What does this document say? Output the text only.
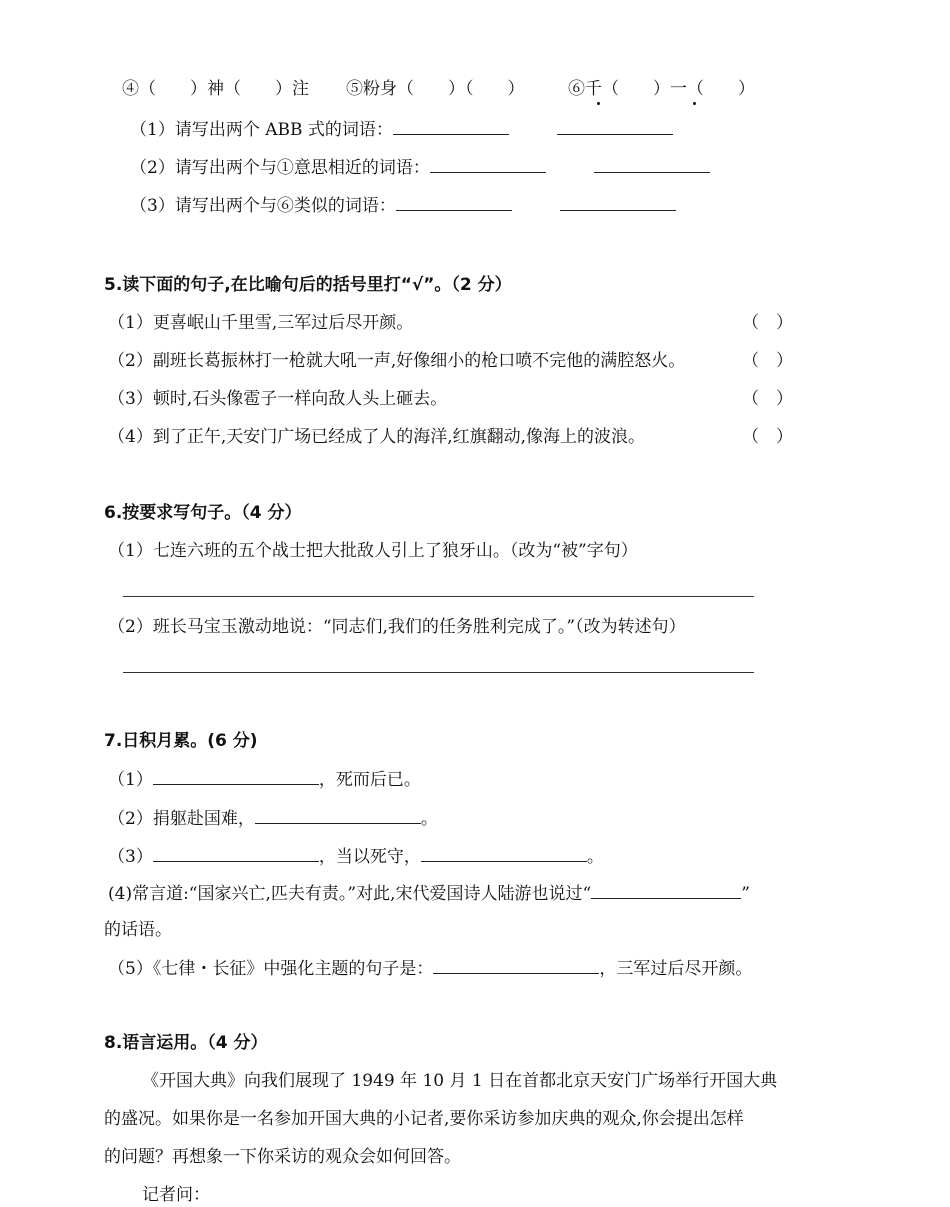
④（　　）神（　　）注 ⑤粉身（　　）（　　）	⑥千（　　）一（　　）
（1）请写出两个 ABB 式的词语：
（2）请写出两个与①意思相近的词语：
（3）请写出两个与⑥类似的词语：
5.读下面的句子,在比喻句后的括号里打“√”。（2 分）
（1）更喜岷山千里雪,三军过后尽开颜。	（　）
（2）副班长葛振林打一枪就大吼一声,好像细小的枪口喷不完他的满腔怒火。	（　）
（3）顿时,石头像雹子一样向敌人头上砸去。	（　）
（4）到了正午,天安门广场已经成了人的海洋,红旗翻动,像海上的波浪。	（　）
6.按要求写句子。（4 分）
（1）七连六班的五个战士把大批敌人引上了狼牙山。（改为“被”字句）
（2）班长马宝玉激动地说：“同志们,我们的任务胜利完成了。”（改为转述句）
7.日积月累。(6 分)
（1）	，死而后已。
（2）捐躯赴国难，	。
（3）	，当以死守，	。
(4)常言道:“国家兴亡,匹夫有责。”对此,宋代爱国诗人陆游也说过“	”
的话语。
（5）《七律・长征》中强化主题的句子是：	，三军过后尽开颜。
8.语言运用。（4 分）
《开国大典》向我们展现了 1949 年 10 月 1 日在首都北京天安门广场举行开国大典
的盛况。如果你是一名参加开国大典的小记者,要你采访参加庆典的观众,你会提出怎样
的问题？再想象一下你采访的观众会如何回答。
记者问：
